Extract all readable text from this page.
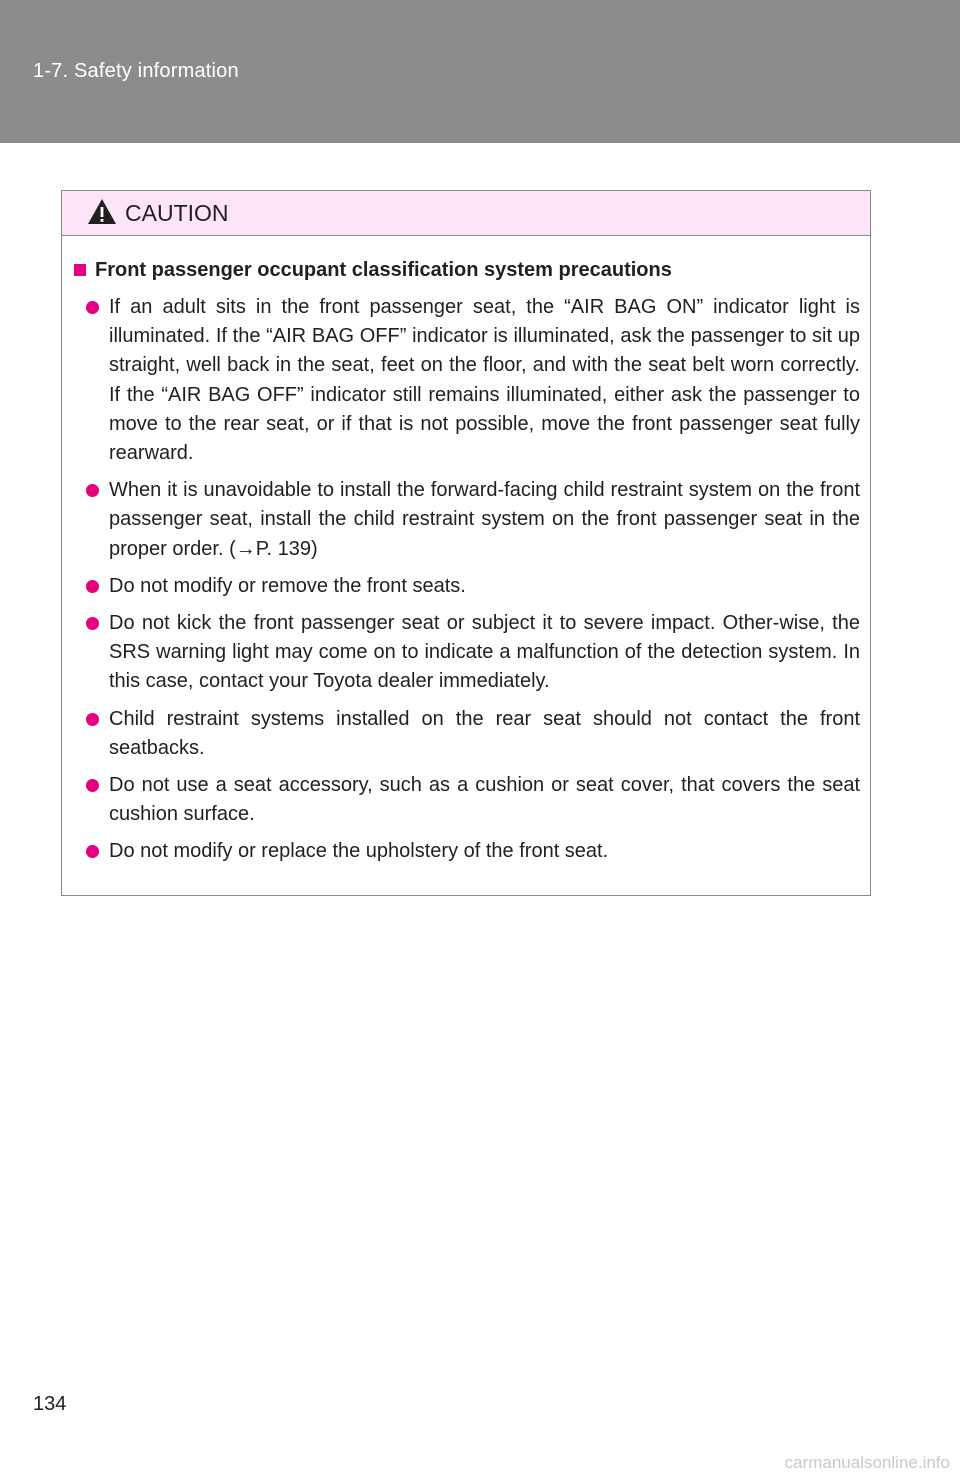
1-7. Safety information
CAUTION
Front passenger occupant classification system precautions
If an adult sits in the front passenger seat, the “AIR BAG ON” indicator light is illuminated. If the “AIR BAG OFF” indicator is illuminated, ask the passenger to sit up straight, well back in the seat, feet on the floor, and with the seat belt worn correctly. If the “AIR BAG OFF” indicator still remains illuminated, either ask the passenger to move to the rear seat, or if that is not possible, move the front passenger seat fully rearward.
When it is unavoidable to install the forward-facing child restraint system on the front passenger seat, install the child restraint system on the front passenger seat in the proper order. (→P. 139)
Do not modify or remove the front seats.
Do not kick the front passenger seat or subject it to severe impact. Other-wise, the SRS warning light may come on to indicate a malfunction of the detection system. In this case, contact your Toyota dealer immediately.
Child restraint systems installed on the rear seat should not contact the front seatbacks.
Do not use a seat accessory, such as a cushion or seat cover, that covers the seat cushion surface.
Do not modify or replace the upholstery of the front seat.
134
carmanualsonline.info
